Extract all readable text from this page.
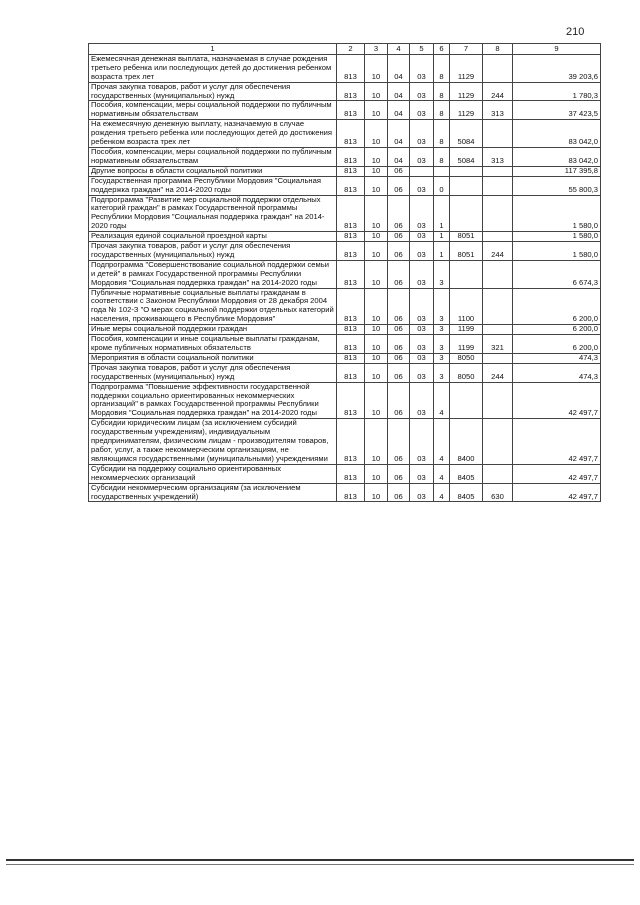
210
1	2	3	4	5	6	7	8	9
Ежемесячная денежная выплата, назначаемая в случае рождения третьего ребенка или последующих детей до достижения ребенком возраста трех лет	813	10	04	03	8	1129		39 203,6
Прочая закупка товаров, работ и услуг для обеспечения государственных (муниципальных) нужд	813	10	04	03	8	1129	244	1 780,3
Пособия, компенсации, меры социальной поддержки по публичным нормативным обязательствам	813	10	04	03	8	1129	313	37 423,5
На ежемесячную денежную выплату, назначаемую в случае рождения третьего ребенка или последующих детей до достижения ребенком возраста трех лет	813	10	04	03	8	5084		83 042,0
Пособия, компенсации, меры социальной поддержки по публичным нормативным обязательствам	813	10	04	03	8	5084	313	83 042,0
Другие вопросы в области социальной политики	813	10	06					117 395,8
Государственная программа Республики Мордовия "Социальная поддержка граждан" на 2014-2020 годы	813	10	06	03	0			55 800,3
Подпрограмма "Развитие мер социальной поддержки отдельных категорий граждан" в рамках Государственной программы Республики Мордовия "Социальная поддержка граждан" на 2014-2020 годы	813	10	06	03	1			1 580,0
Реализация единой социальной проездной карты	813	10	06	03	1	8051		1 580,0
Прочая закупка товаров, работ и услуг для обеспечения государственных (муниципальных) нужд	813	10	06	03	1	8051	244	1 580,0
Подпрограмма "Совершенствование социальной поддержки семьи и детей" в рамках Государственной программы Республики Мордовия "Социальная поддержка граждан" на 2014-2020 годы	813	10	06	03	3			6 674,3
Публичные нормативные социальные выплаты гражданам в соответствии с Законом Республики Мордовия от 28 декабря 2004 года № 102-З "О мерах социальной поддержки отдельных категорий населения, проживающего в Республике Мордовия"	813	10	06	03	3	1100		6 200,0
Иные меры социальной поддержки граждан	813	10	06	03	3	1199		6 200,0
Пособия, компенсации и иные социальные выплаты гражданам, кроме публичных нормативных обязательств	813	10	06	03	3	1199	321	6 200,0
Мероприятия в области социальной политики	813	10	06	03	3	8050		474,3
Прочая закупка товаров, работ и услуг для обеспечения государственных (муниципальных) нужд	813	10	06	03	3	8050	244	474,3
Подпрограмма "Повышение эффективности государственной поддержки социально ориентированных некоммерческих организаций" в рамках Государственной программы Республики Мордовия "Социальная поддержка граждан" на 2014-2020 годы	813	10	06	03	4			42 497,7
Субсидии юридическим лицам (за исключением субсидий государственным учреждениям), индивидуальным предпринимателям, физическим лицам - производителям товаров, работ, услуг, а также некоммерческим организациям, не являющимся государственными (муниципальными) учреждениями	813	10	06	03	4	8400		42 497,7
Субсидии на поддержку социально ориентированных некоммерческих организаций	813	10	06	03	4	8405		42 497,7
Субсидии некоммерческим организациям (за исключением государственных учреждений)	813	10	06	03	4	8405	630	42 497,7
